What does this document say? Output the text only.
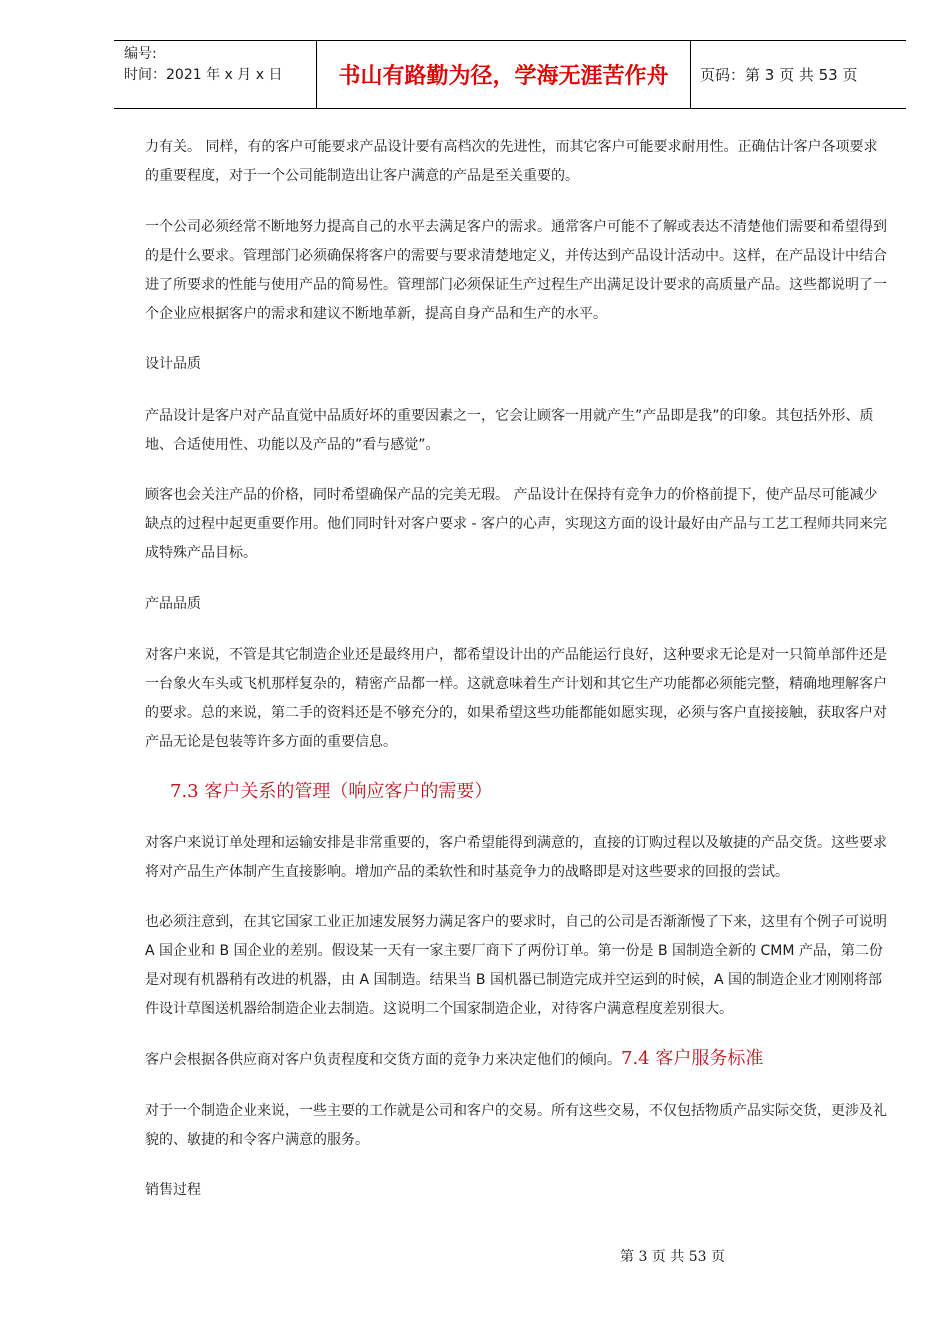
编号:
时间：2021 年 x 月 x 日	书山有路勤为径，学海无涯苦作舟	页码：第 3 页 共 53 页

力有关。 同样，有的客户可能要求产品设计要有高档次的先进性，而其它客户可能要求耐用性。正确估计客户各项要求的重要程度，对于一个公司能制造出让客户满意的产品是至关重要的。

一个公司必须经常不断地努力提高自己的水平去满足客户的需求。通常客户可能不了解或表达不清楚他们需要和希望得到的是什么要求。管理部门必须确保将客户的需要与要求清楚地定义，并传达到产品设计活动中。这样，在产品设计中结合进了所要求的性能与使用产品的简易性。管理部门必须保证生产过程生产出满足设计要求的高质量产品。这些都说明了一个企业应根据客户的需求和建议不断地革新，提高自身产品和生产的水平。

设计品质

产品设计是客户对产品直觉中品质好坏的重要因素之一，它会让顾客一用就产生”产品即是我”的印象。其包括外形、质地、合适使用性、功能以及产品的”看与感觉”。

顾客也会关注产品的价格，同时希望确保产品的完美无瑕。 产品设计在保持有竞争力的价格前提下，使产品尽可能减少缺点的过程中起更重要作用。他们同时针对客户要求 - 客户的心声，实现这方面的设计最好由产品与工艺工程师共同来完成特殊产品目标。

产品品质

对客户来说，不管是其它制造企业还是最终用户，都希望设计出的产品能运行良好，这种要求无论是对一只简单部件还是一台象火车头或飞机那样复杂的，精密产品都一样。这就意味着生产计划和其它生产功能都必须能完整，精确地理解客户的要求。总的来说，第二手的资料还是不够充分的，如果希望这些功能都能如愿实现，必须与客户直接接触，获取客户对产品无论是包装等许多方面的重要信息。

7.3 客户关系的管理（响应客户的需要）

对客户来说订单处理和运输安排是非常重要的，客户希望能得到满意的，直接的订购过程以及敏捷的产品交货。这些要求将对产品生产体制产生直接影响。增加产品的柔软性和时基竞争力的战略即是对这些要求的回报的尝试。

也必须注意到，在其它国家工业正加速发展努力满足客户的要求时，自己的公司是否渐渐慢了下来，这里有个例子可说明 A 国企业和 B 国企业的差别。假设某一天有一家主要厂商下了两份订单。第一份是 B 国制造全新的 CMM 产品，第二份是对现有机器稍有改进的机器，由 A 国制造。结果当 B 国机器已制造完成并空运到的时候，A 国的制造企业才刚刚将部件设计草图送机器给制造企业去制造。这说明二个国家制造企业，对待客户满意程度差别很大。

客户会根据各供应商对客户负责程度和交货方面的竞争力来决定他们的倾向。7.4 客户服务标准

对于一个制造企业来说，一些主要的工作就是公司和客户的交易。所有这些交易，不仅包括物质产品实际交货，更涉及礼貌的、敏捷的和令客户满意的服务。

销售过程

第 3 页 共 53 页
